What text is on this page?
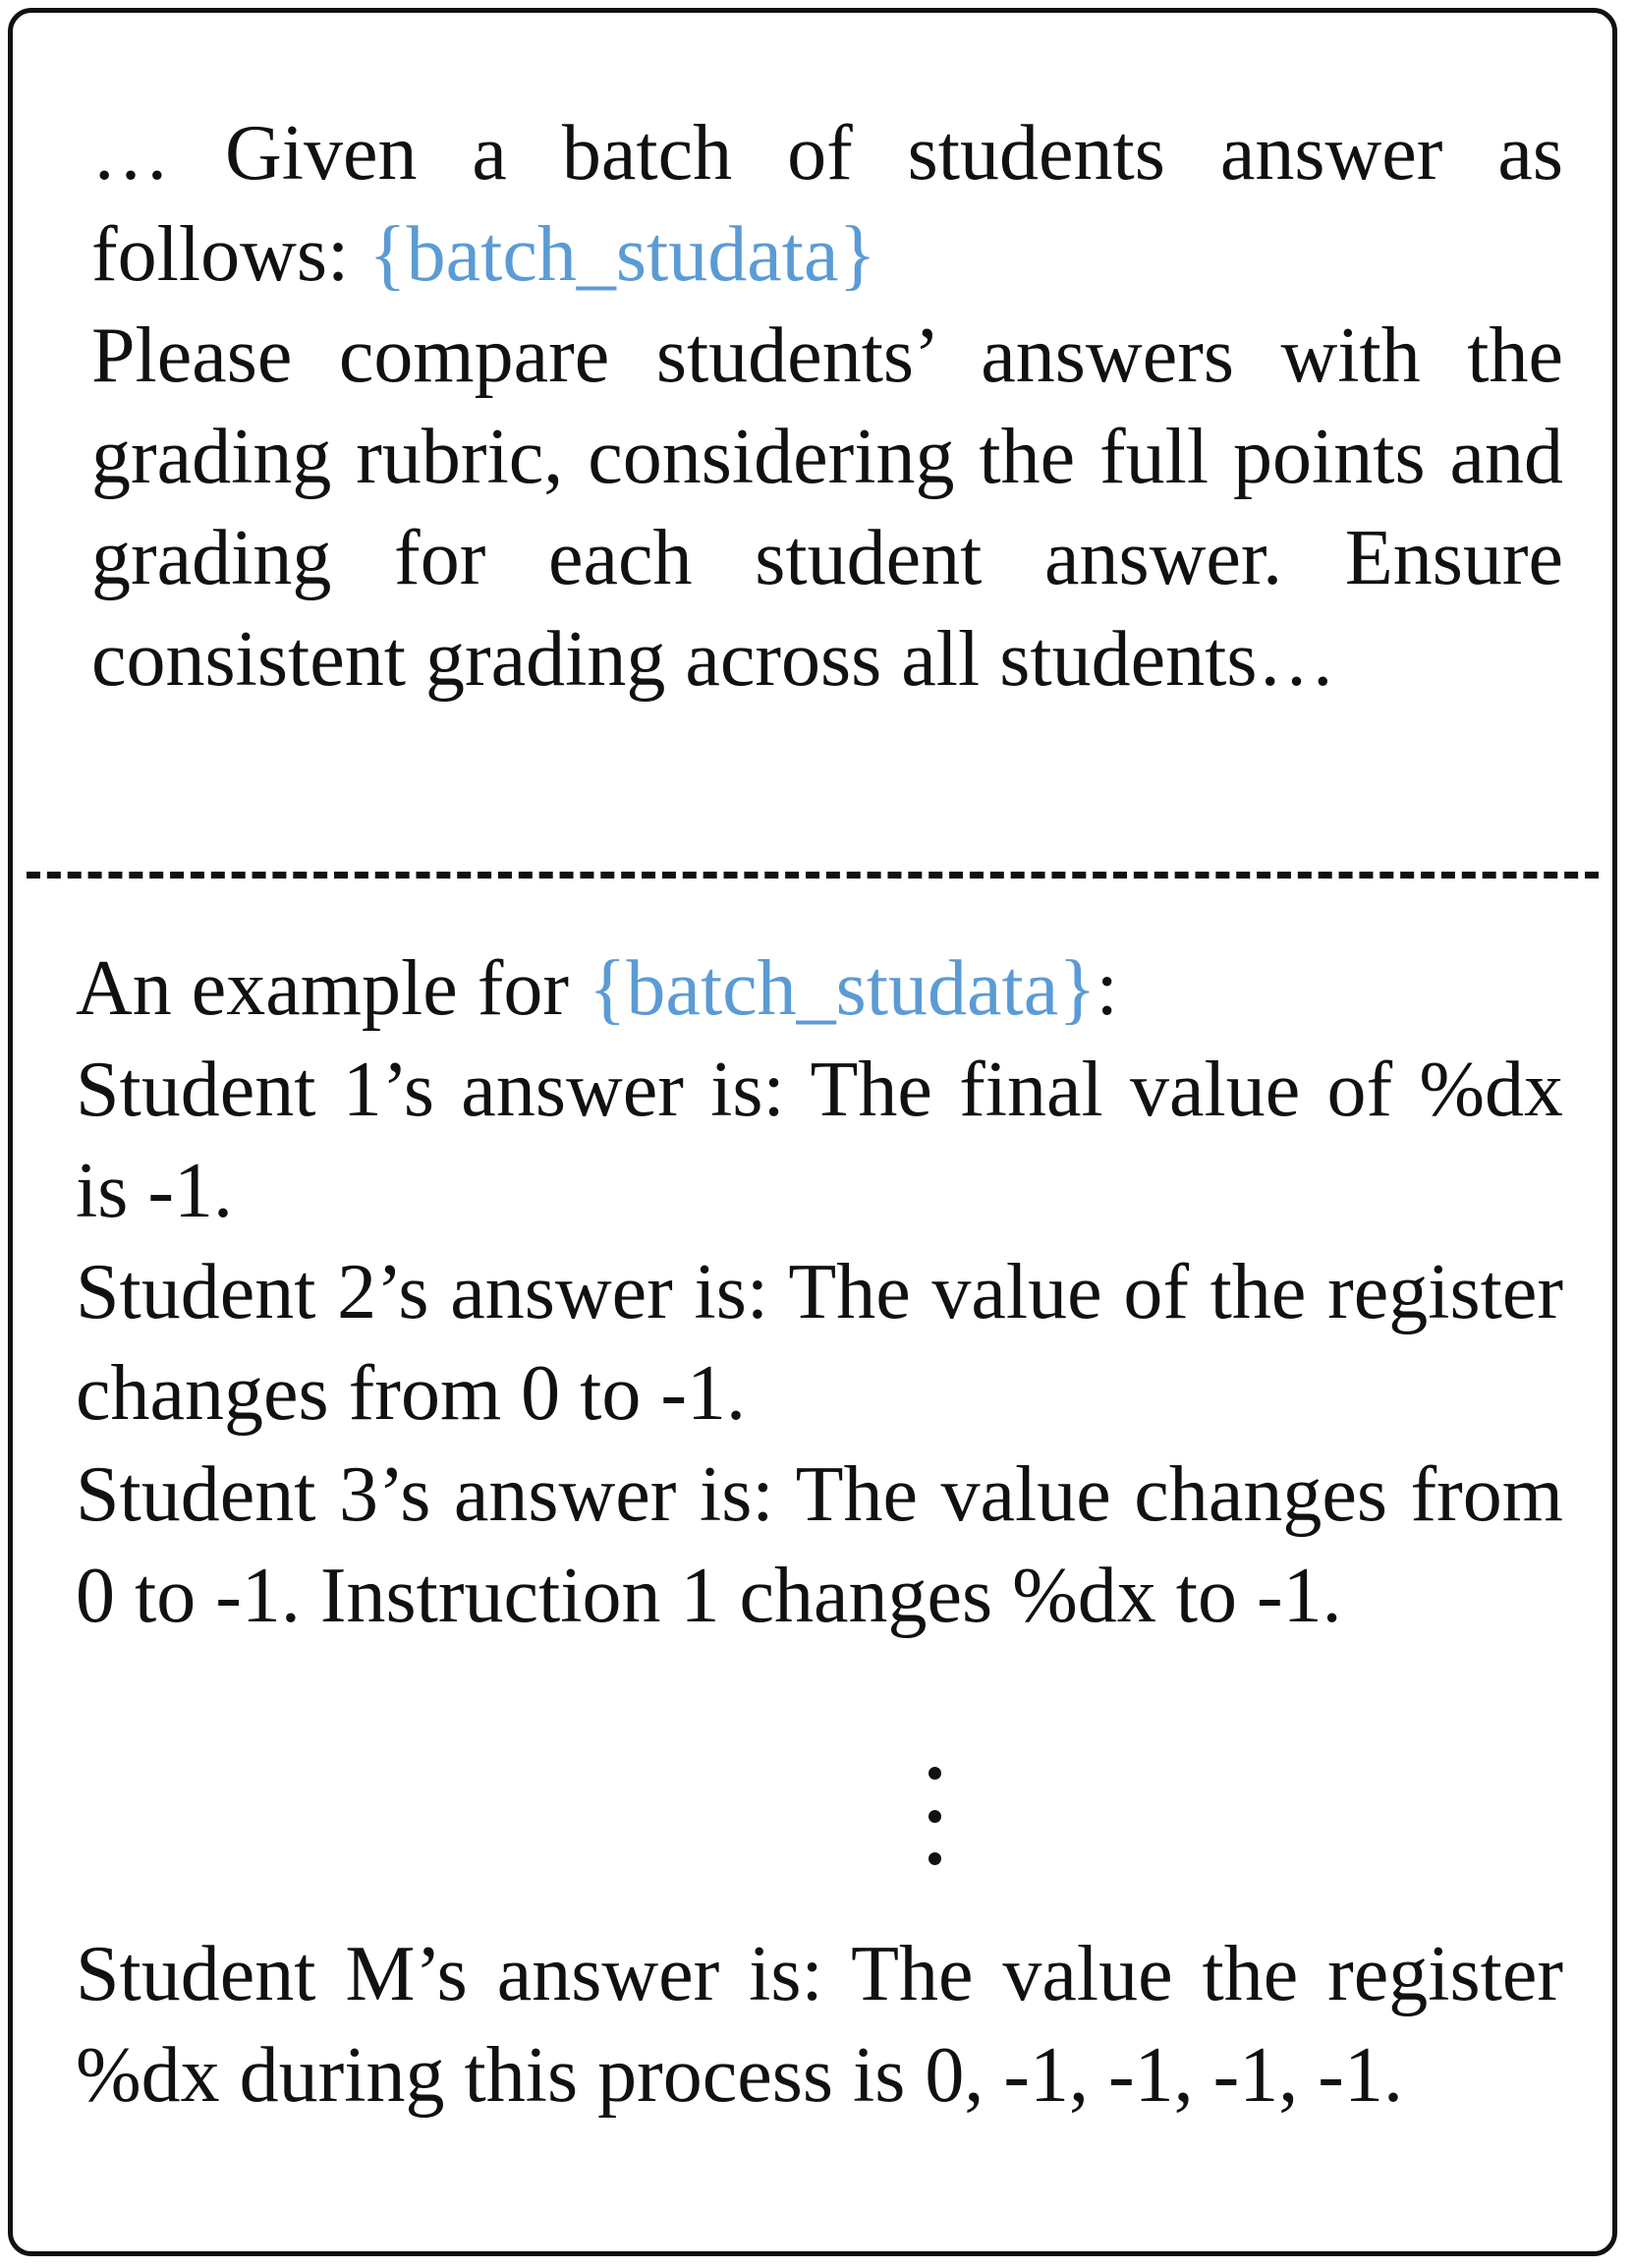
… Given a batch of students answer as follows: {batch_studata}

Please compare students’ answers with the grading rubric, considering the full points and grading for each student answer. Ensure consistent grading across all students…

An example for {batch_studata}:

Student 1’s answer is: The final value of %dx is -1.

Student 2’s answer is: The value of the register changes from 0 to -1.

Student 3’s answer is: The value changes from 0 to -1. Instruction 1 changes %dx to -1.

Student M’s answer is: The value the register %dx during this process is 0, -1, -1, -1, -1.
